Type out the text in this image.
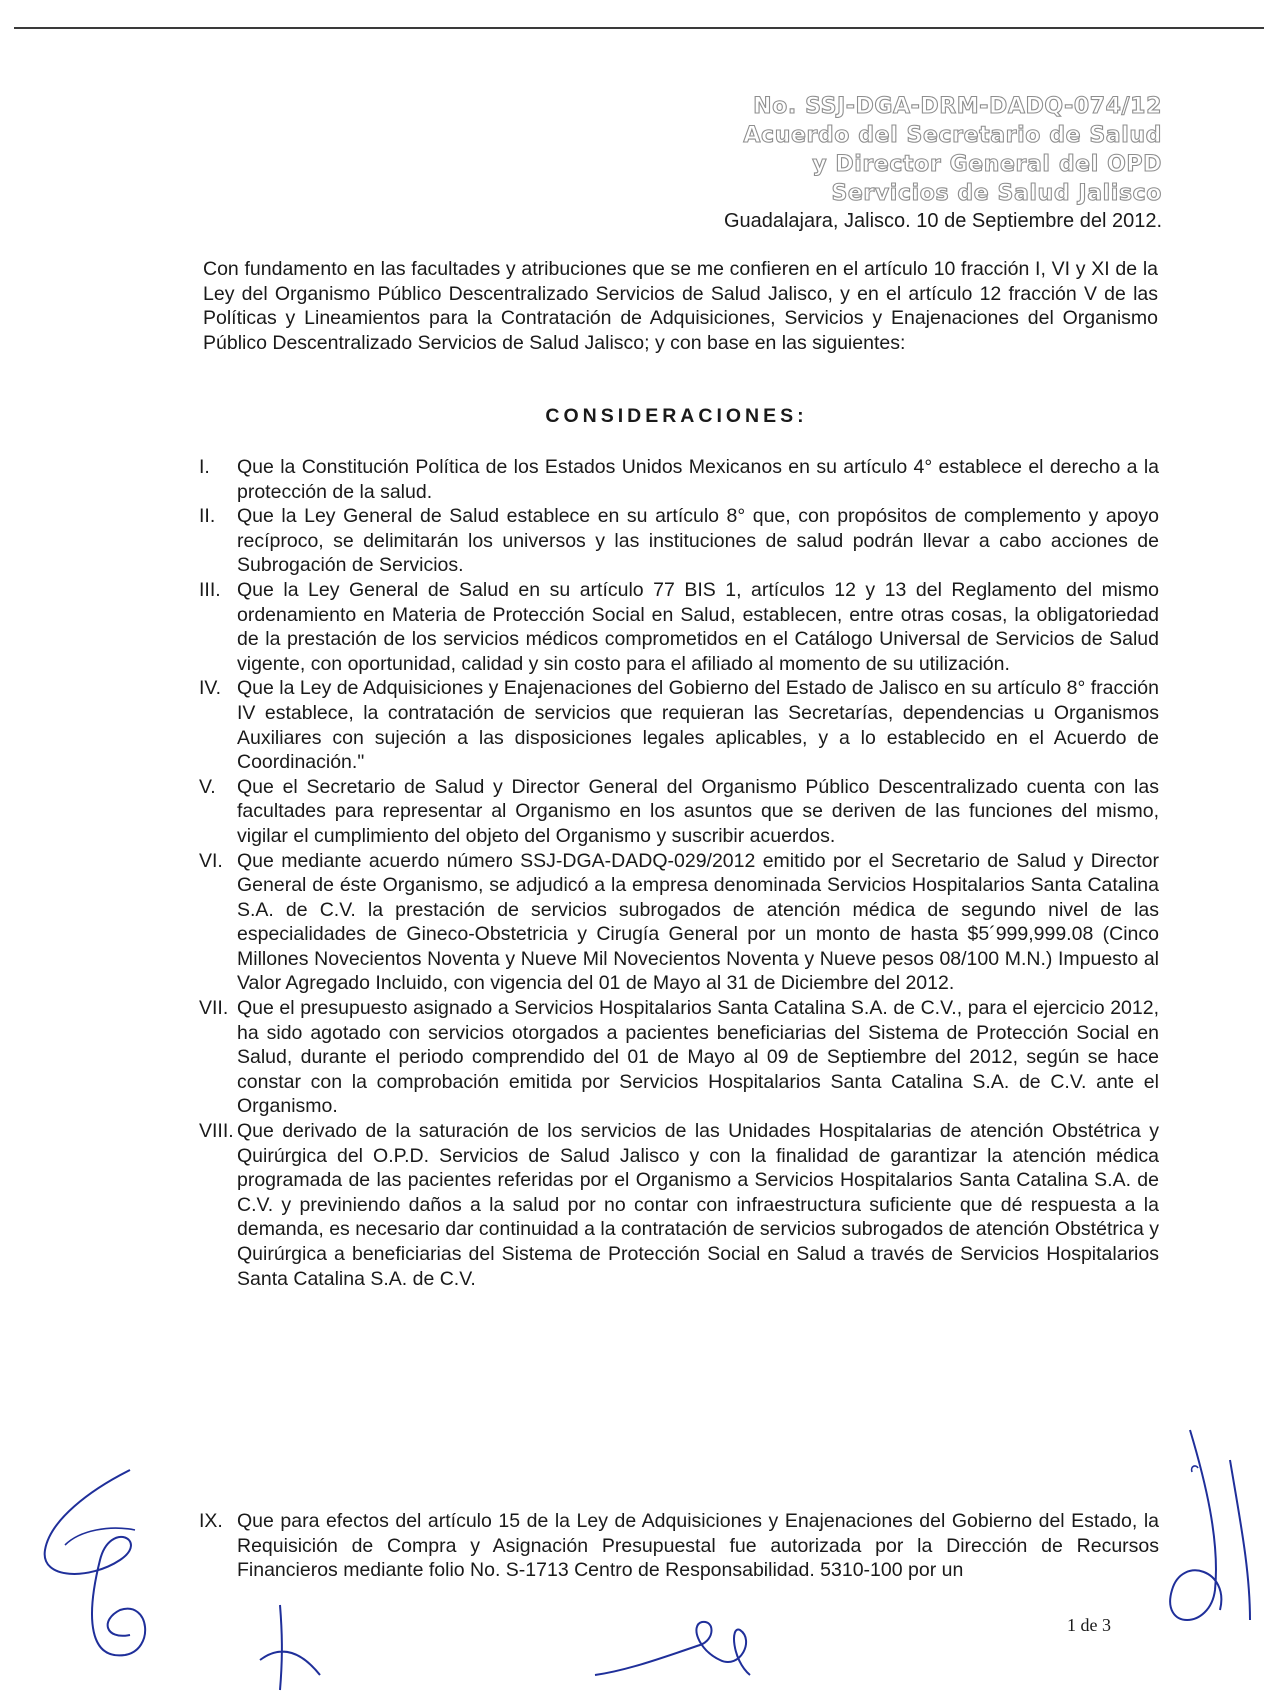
No. SSJ-DGA-DRM-DADQ-074/12
Acuerdo del Secretario de Salud
y Director General del OPD
Servicios de Salud Jalisco
Guadalajara, Jalisco. 10 de Septiembre del 2012.
Con fundamento en las facultades y atribuciones que se me confieren en el artículo 10 fracción I, VI y XI de la Ley del Organismo Público Descentralizado Servicios de Salud Jalisco, y en el artículo 12 fracción V de las Políticas y Lineamientos para la Contratación de Adquisiciones, Servicios y Enajenaciones del Organismo Público Descentralizado Servicios de Salud Jalisco; y con base en las siguientes:
CONSIDERACIONES:
I. Que la Constitución Política de los Estados Unidos Mexicanos en su artículo 4° establece el derecho a la protección de la salud.
II. Que la Ley General de Salud establece en su artículo 8° que, con propósitos de complemento y apoyo recíproco, se delimitarán los universos y las instituciones de salud podrán llevar a cabo acciones de Subrogación de Servicios.
III. Que la Ley General de Salud en su artículo 77 BIS 1, artículos 12 y 13 del Reglamento del mismo ordenamiento en Materia de Protección Social en Salud, establecen, entre otras cosas, la obligatoriedad de la prestación de los servicios médicos comprometidos en el Catálogo Universal de Servicios de Salud vigente, con oportunidad, calidad y sin costo para el afiliado al momento de su utilización.
IV. Que la Ley de Adquisiciones y Enajenaciones del Gobierno del Estado de Jalisco en su artículo 8° fracción IV establece, la contratación de servicios que requieran las Secretarías, dependencias u Organismos Auxiliares con sujeción a las disposiciones legales aplicables, y a lo establecido en el Acuerdo de Coordinación."
V. Que el Secretario de Salud y Director General del Organismo Público Descentralizado cuenta con las facultades para representar al Organismo en los asuntos que se deriven de las funciones del mismo, vigilar el cumplimiento del objeto del Organismo y suscribir acuerdos.
VI. Que mediante acuerdo número SSJ-DGA-DADQ-029/2012 emitido por el Secretario de Salud y Director General de éste Organismo, se adjudicó a la empresa denominada Servicios Hospitalarios Santa Catalina S.A. de C.V. la prestación de servicios subrogados de atención médica de segundo nivel de las especialidades de Gineco-Obstetricia y Cirugía General por un monto de hasta $5´999,999.08 (Cinco Millones Novecientos Noventa y Nueve Mil Novecientos Noventa y Nueve pesos 08/100 M.N.) Impuesto al Valor Agregado Incluido, con vigencia del 01 de Mayo al 31 de Diciembre del 2012.
VII. Que el presupuesto asignado a Servicios Hospitalarios Santa Catalina S.A. de C.V., para el ejercicio 2012, ha sido agotado con servicios otorgados a pacientes beneficiarias del Sistema de Protección Social en Salud, durante el periodo comprendido del 01 de Mayo al 09 de Septiembre del 2012, según se hace constar con la comprobación emitida por Servicios Hospitalarios Santa Catalina S.A. de C.V. ante el Organismo.
VIII. Que derivado de la saturación de los servicios de las Unidades Hospitalarias de atención Obstétrica y Quirúrgica del O.P.D. Servicios de Salud Jalisco y con la finalidad de garantizar la atención médica programada de las pacientes referidas por el Organismo a Servicios Hospitalarios Santa Catalina S.A. de C.V. y previniendo daños a la salud por no contar con infraestructura suficiente que dé respuesta a la demanda, es necesario dar continuidad a la contratación de servicios subrogados de atención Obstétrica y Quirúrgica a beneficiarias del Sistema de Protección Social en Salud a través de Servicios Hospitalarios Santa Catalina S.A. de C.V.
IX. Que para efectos del artículo 15 de la Ley de Adquisiciones y Enajenaciones del Gobierno del Estado, la Requisición de Compra y Asignación Presupuestal fue autorizada por la Dirección de Recursos Financieros mediante folio No. S-1713 Centro de Responsabilidad. 5310-100 por un
1 de 3
